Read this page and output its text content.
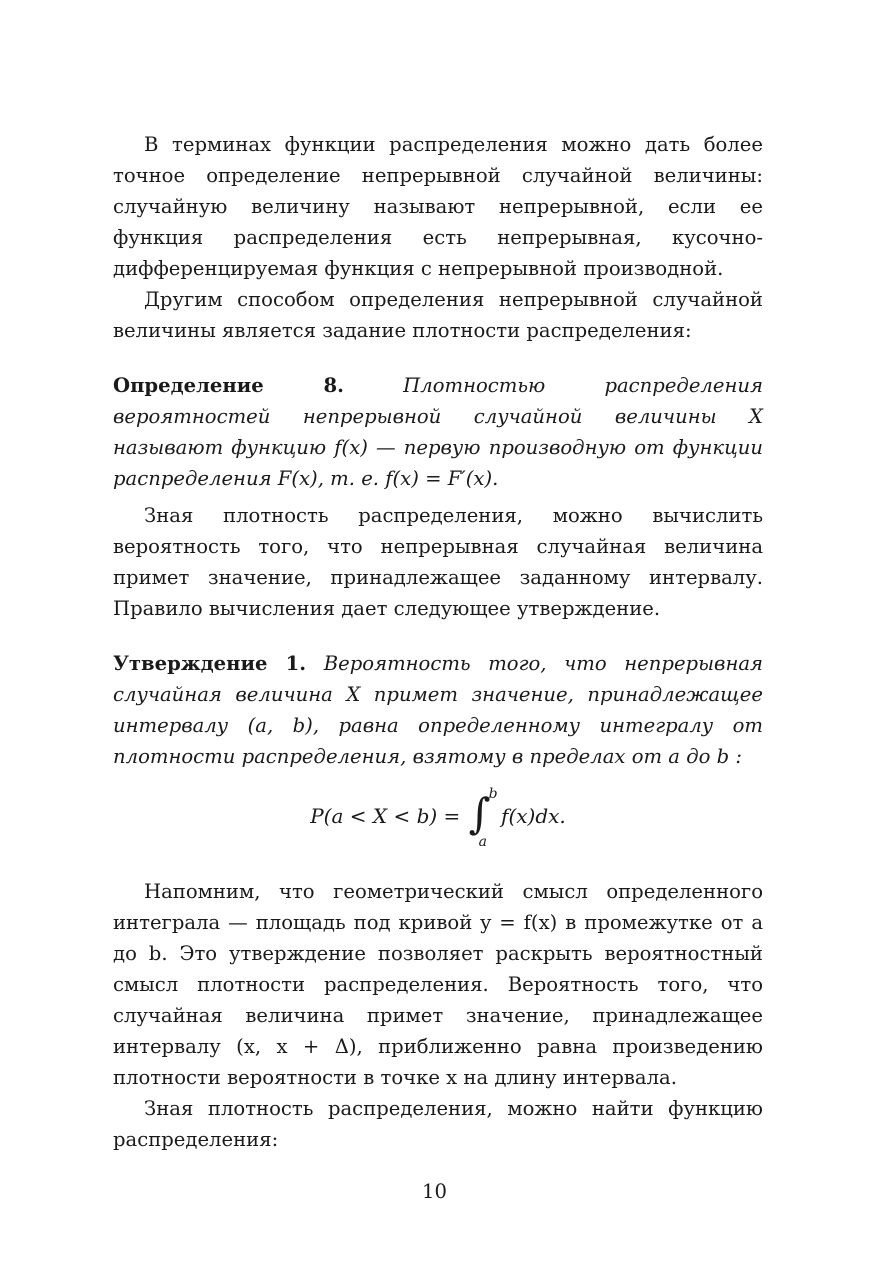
В терминах функции распределения можно дать более точное определение непрерывной случайной величины: случайную величину называют непрерывной, если ее функция распределения есть непрерывная, кусочно-дифференцируемая функция с непрерывной производной.

Другим способом определения непрерывной случайной величины является задание плотности распределения:

Определение 8.	Плотностью распределения вероятностей непрерывной случайной величины X называют функцию f(x) — первую производную от функции распределения F(x), т. е. f(x) = F′(x).

Зная плотность распределения, можно вычислить вероятность того, что непрерывная случайная величина примет значение, принадлежащее заданному интервалу. Правило вычисления дает следующее утверждение.

Утверждение 1. Вероятность того, что непрерывная случайная величина X примет значение, принадлежащее интервалу (a, b), равна определенному интегралу от плотности распределения, взятому в пределах от a до b :

P(a < X < b) = ∫
b
a
f(x)dx.

Напомним, что геометрический смысл определенного интеграла — площадь под кривой y = f(x) в промежутке от a до b. Это утверждение позволяет раскрыть вероятностный смысл плотности распределения. Вероятность того, что случайная величина примет значение, принадлежащее интервалу (x, x + Δ), приближенно равна произведению плотности вероятности в точке x на длину интервала.

Зная плотность распределения, можно найти функцию распределения:

10
